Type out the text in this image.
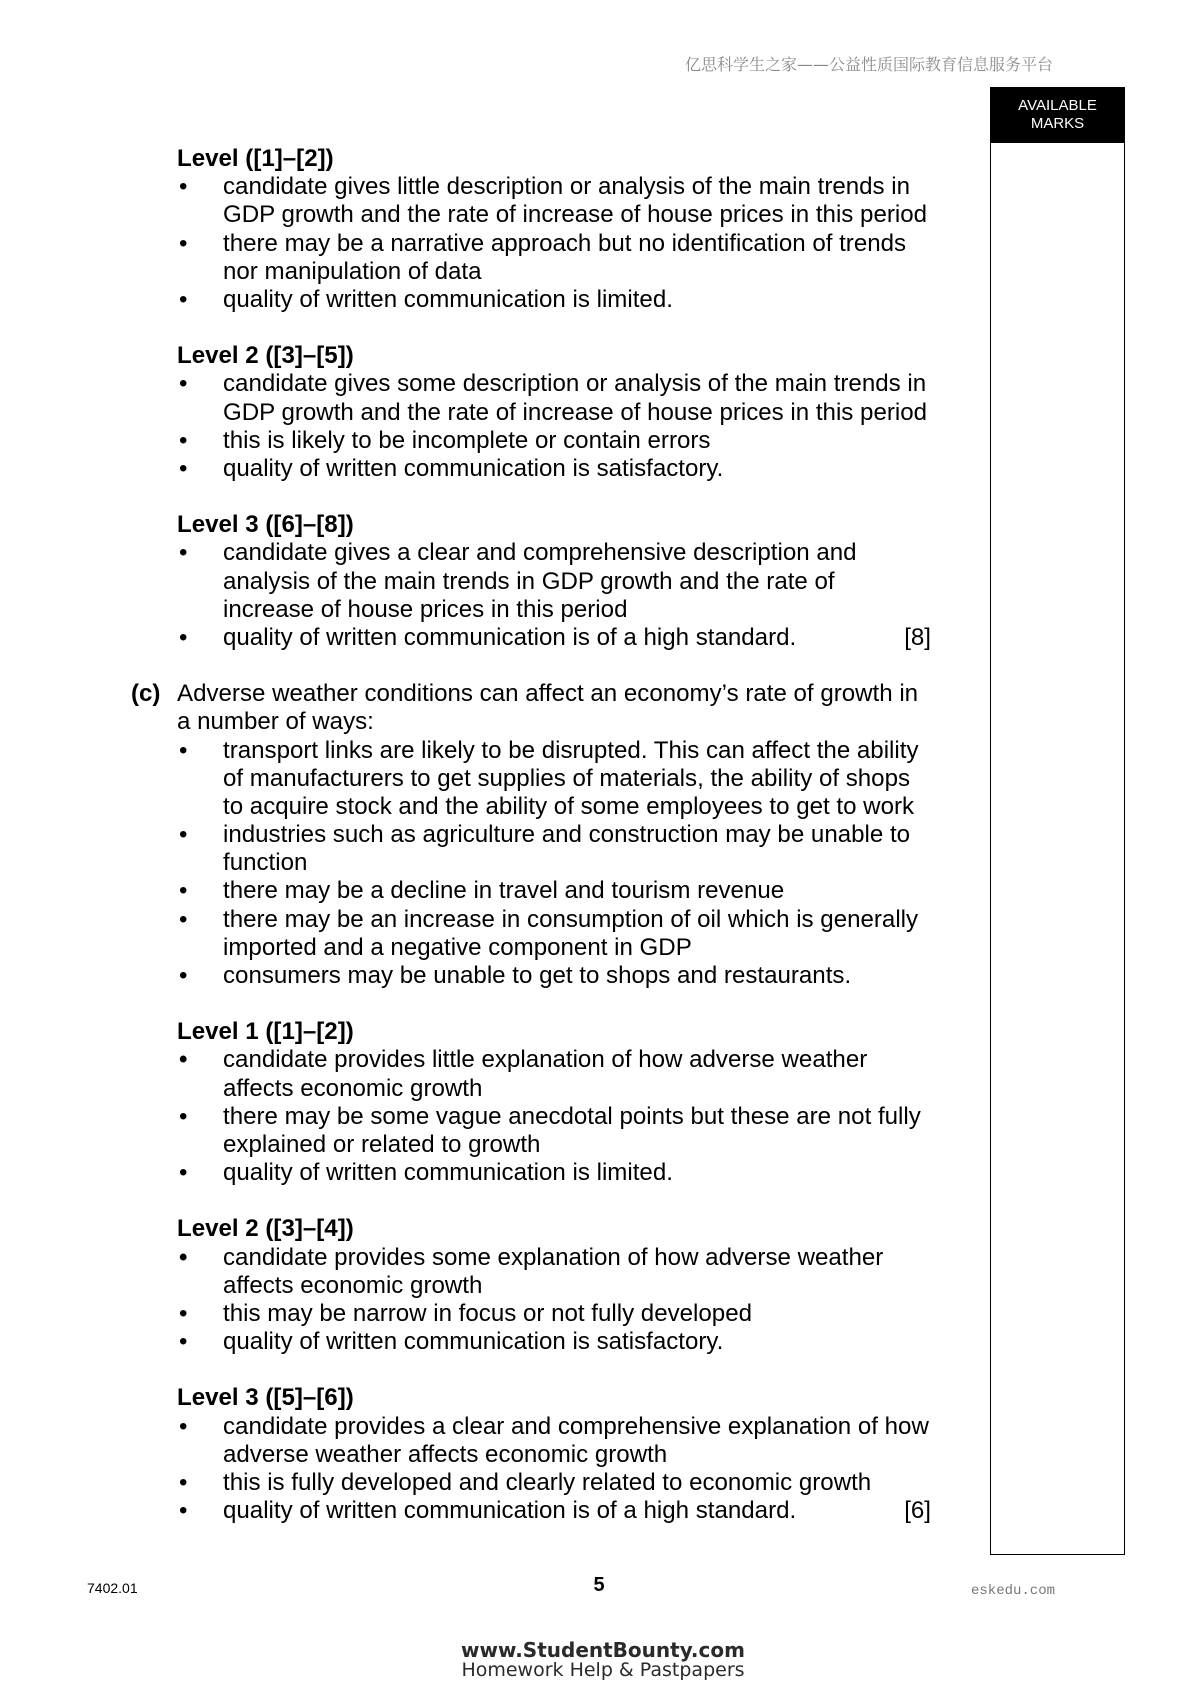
亿思科学生之家——公益性质国际教育信息服务平台
AVAILABLE
MARKS
Level ([1]–[2])
• candidate gives little description or analysis of the main trends in
GDP growth and the rate of increase of house prices in this period
• there may be a narrative approach but no identification of trends
nor manipulation of data
• quality of written communication is limited.
Level 2 ([3]–[5])
• candidate gives some description or analysis of the main trends in
GDP growth and the rate of increase of house prices in this period
• this is likely to be incomplete or contain errors
• quality of written communication is satisfactory.
Level 3 ([6]–[8])
• candidate gives a clear and comprehensive description and
analysis of the main trends in GDP growth and the rate of
increase of house prices in this period
• quality of written communication is of a high standard.	[8]
(c) Adverse weather conditions can affect an economy’s rate of growth in
a number of ways:
• transport links are likely to be disrupted. This can affect the ability
of manufacturers to get supplies of materials, the ability of shops
to acquire stock and the ability of some employees to get to work
• industries such as agriculture and construction may be unable to
function
• there may be a decline in travel and tourism revenue
• there may be an increase in consumption of oil which is generally
imported and a negative component in GDP
• consumers may be unable to get to shops and restaurants.
Level 1 ([1]–[2])
• candidate provides little explanation of how adverse weather
affects economic growth
• there may be some vague anecdotal points but these are not fully
explained or related to growth
• quality of written communication is limited.
Level 2 ([3]–[4])
• candidate provides some explanation of how adverse weather
affects economic growth
• this may be narrow in focus or not fully developed
• quality of written communication is satisfactory.
Level 3 ([5]–[6])
• candidate provides a clear and comprehensive explanation of how
adverse weather affects economic growth
• this is fully developed and clearly related to economic growth
• quality of written communication is of a high standard.	[6]
7402.01	5	eskedu.com
www.StudentBounty.com
Homework Help & Pastpapers
